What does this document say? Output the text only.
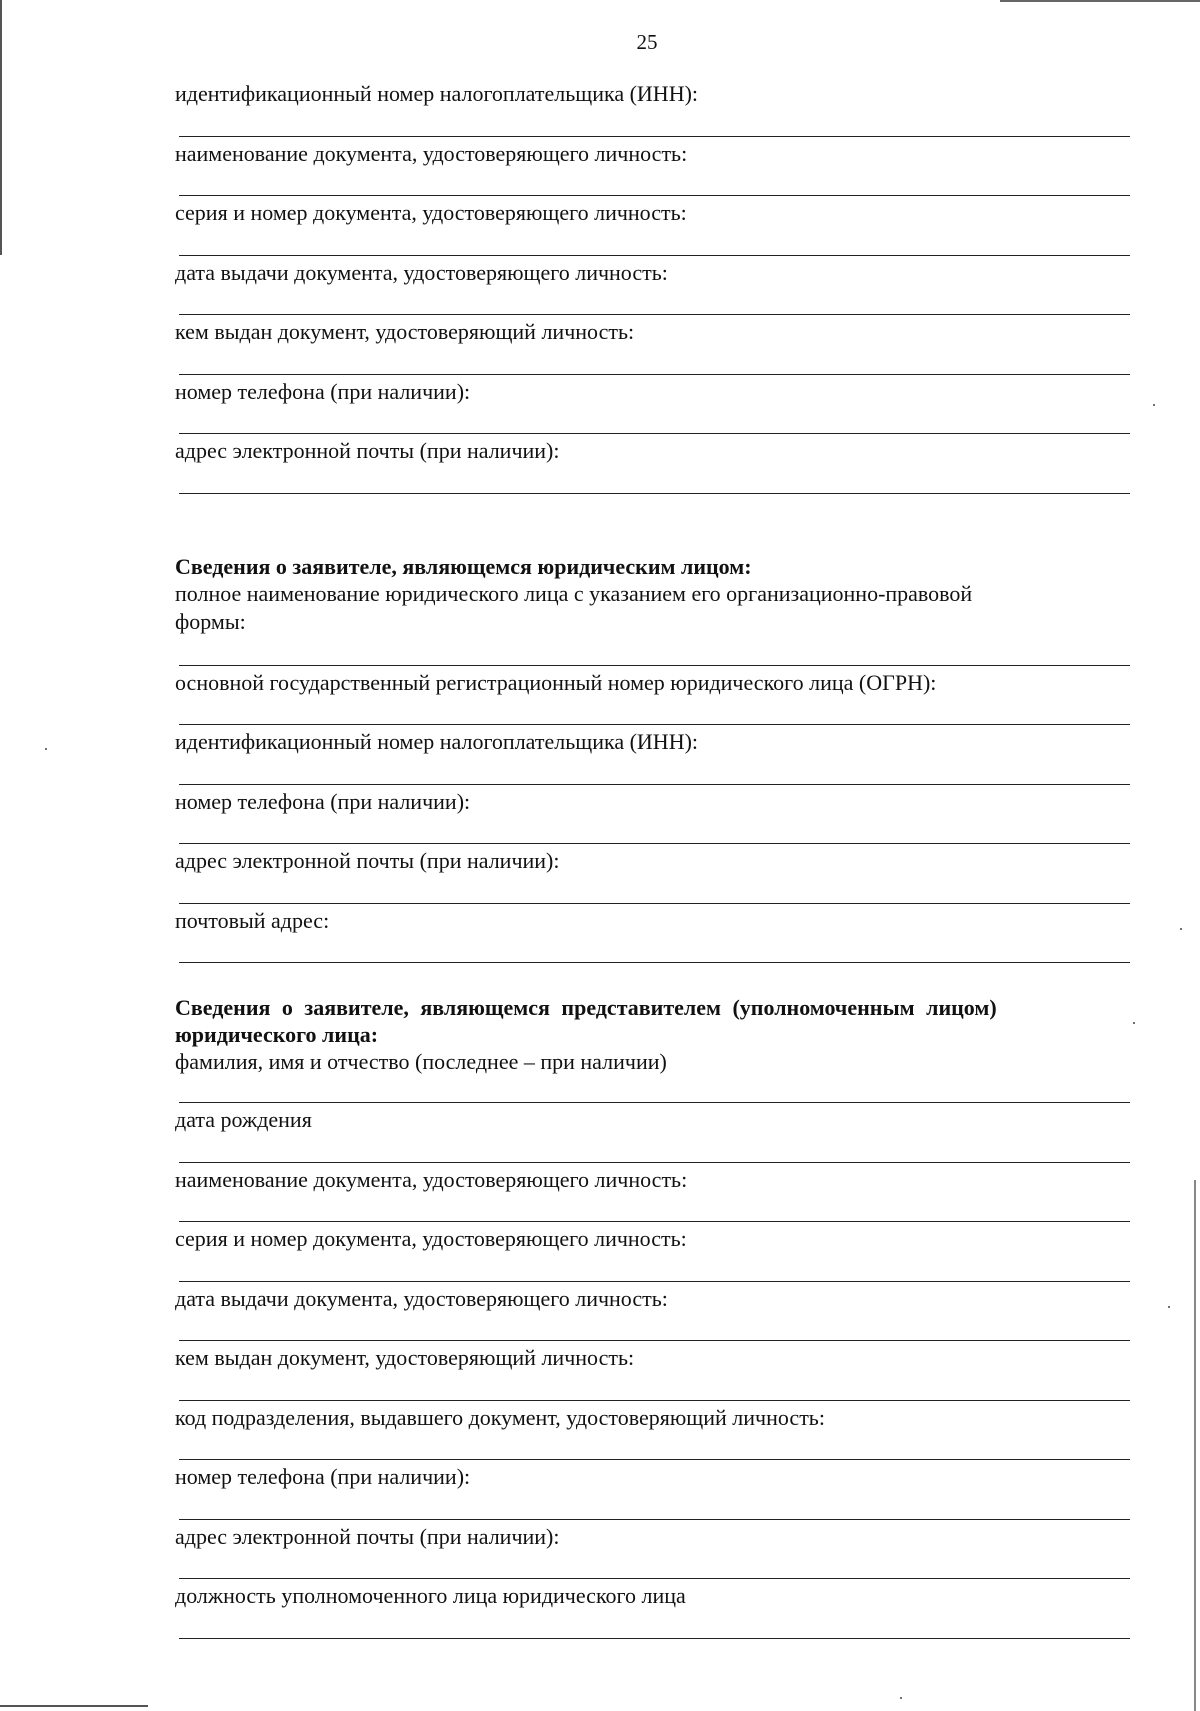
25
идентификационный номер налогоплательщика (ИНН):
наименование документа, удостоверяющего личность:
серия и номер документа, удостоверяющего личность:
дата выдачи документа, удостоверяющего личность:
кем выдан документ, удостоверяющий личность:
номер телефона (при наличии):
адрес электронной почты (при наличии):
Сведения о заявителе, являющемся юридическим лицом:
полное наименование юридического лица с указанием его организационно-правовой
формы:
основной государственный регистрационный номер юридического лица (ОГРН):
идентификационный номер налогоплательщика (ИНН):
номер телефона (при наличии):
адрес электронной почты (при наличии):
почтовый адрес:
Сведения о заявителе, являющемся представителем (уполномоченным лицом)
юридического лица:
фамилия, имя и отчество (последнее – при наличии)
дата рождения
наименование документа, удостоверяющего личность:
серия и номер документа, удостоверяющего личность:
дата выдачи документа, удостоверяющего личность:
кем выдан документ, удостоверяющий личность:
код подразделения, выдавшего документ, удостоверяющий личность:
номер телефона (при наличии):
адрес электронной почты (при наличии):
должность уполномоченного лица юридического лица
